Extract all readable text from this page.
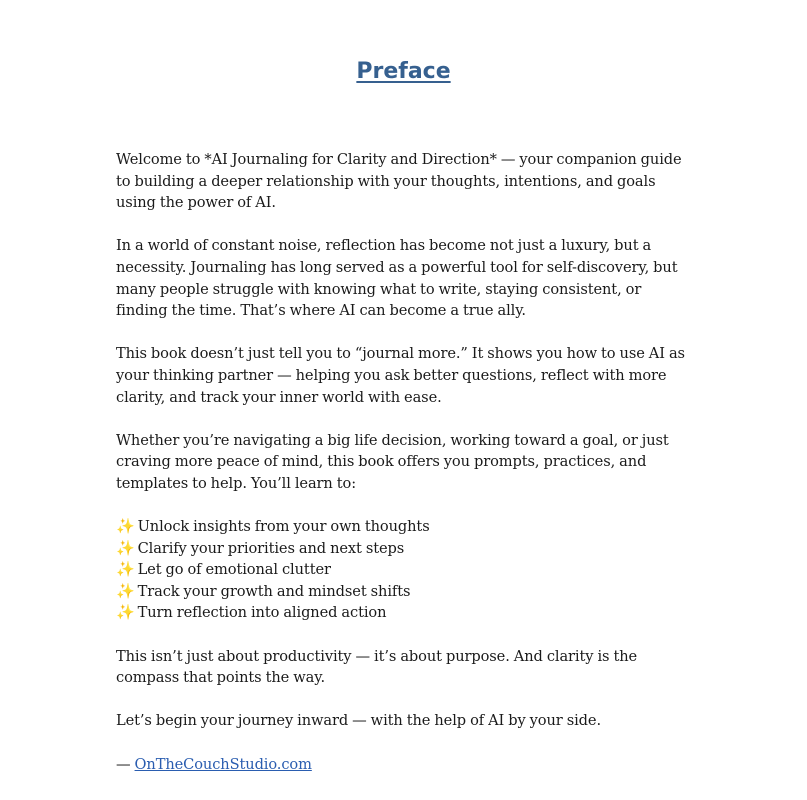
Preface

Welcome to *AI Journaling for Clarity and Direction* — your companion guide to building a deeper relationship with your thoughts, intentions, and goals using the power of AI.

In a world of constant noise, reflection has become not just a luxury, but a necessity. Journaling has long served as a powerful tool for self-discovery, but many people struggle with knowing what to write, staying consistent, or finding the time. That’s where AI can become a true ally.

This book doesn’t just tell you to “journal more.” It shows you how to use AI as your thinking partner — helping you ask better questions, reflect with more clarity, and track your inner world with ease.

Whether you’re navigating a big life decision, working toward a goal, or just craving more peace of mind, this book offers you prompts, practices, and templates to help. You’ll learn to:

✨ Unlock insights from your own thoughts
✨ Clarify your priorities and next steps
✨ Let go of emotional clutter
✨ Track your growth and mindset shifts
✨ Turn reflection into aligned action

This isn’t just about productivity — it’s about purpose. And clarity is the compass that points the way.

Let’s begin your journey inward — with the help of AI by your side.

— OnTheCouchStudio.com
